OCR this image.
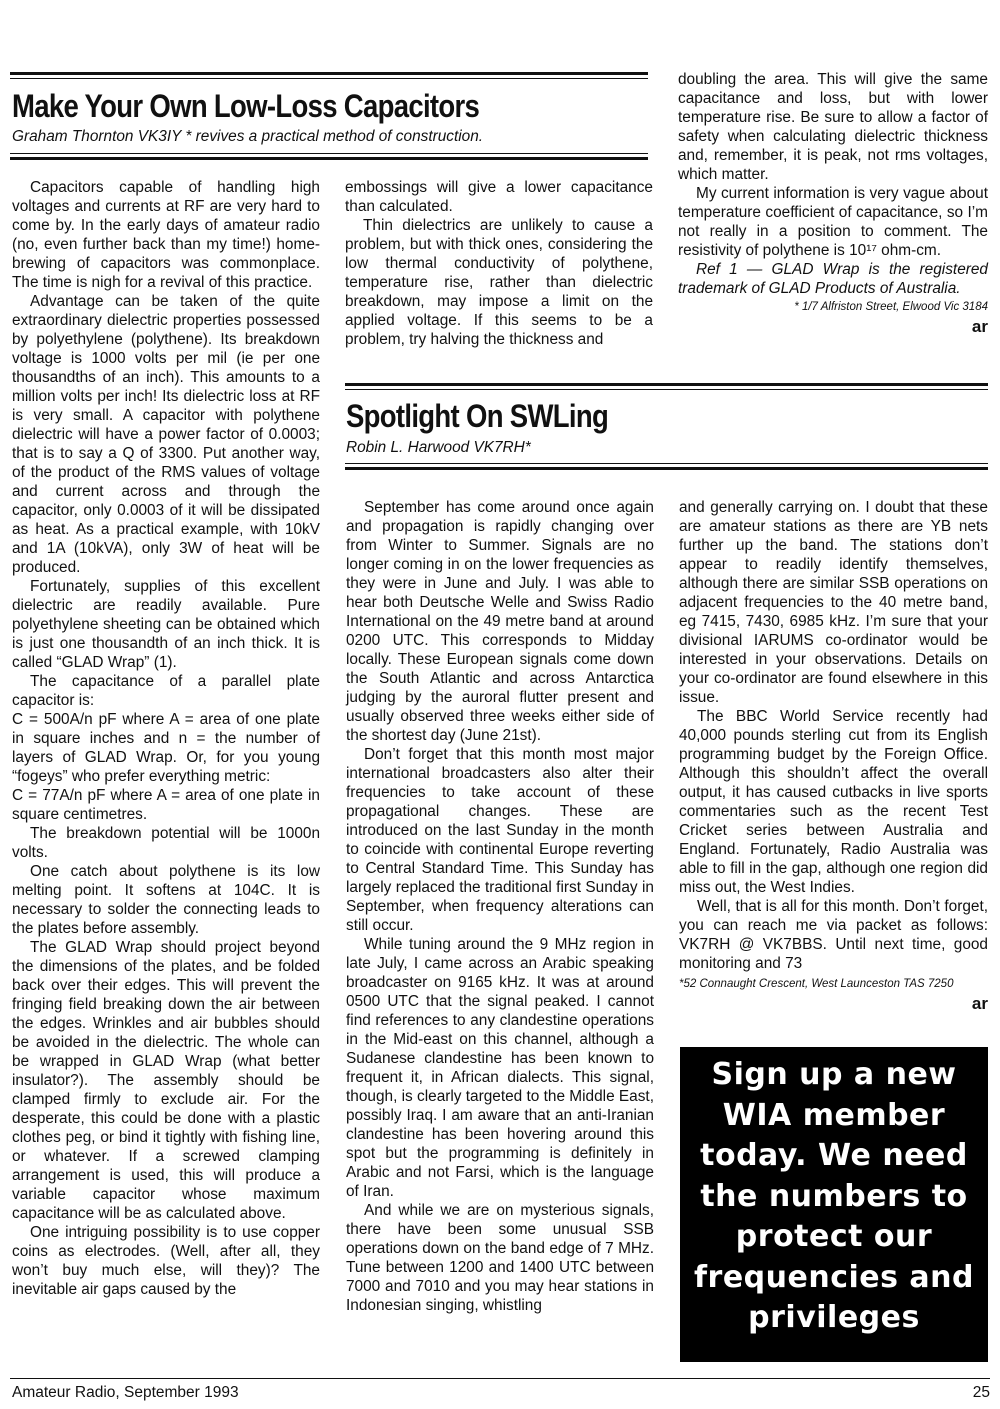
Make Your Own Low-Loss Capacitors
Graham Thornton VK3IY * revives a practical method of construction.

Capacitors capable of handling high voltages and currents at RF are very hard to come by. In the early days of amateur radio (no, even further back than my time!) home-brewing of capacitors was commonplace. The time is nigh for a revival of this practice.

Advantage can be taken of the quite extraordinary dielectric properties possessed by polyethylene (polythene). Its breakdown voltage is 1000 volts per mil (ie per one thousandths of an inch). This amounts to a million volts per inch! Its dielectric loss at RF is very small. A capacitor with polythene dielectric will have a power factor of 0.0003; that is to say a Q of 3300. Put another way, of the product of the RMS values of voltage and current across and through the capacitor, only 0.0003 of it will be dissipated as heat. As a practical example, with 10kV and 1A (10kVA), only 3W of heat will be produced.

Fortunately, supplies of this excellent dielectric are readily available. Pure polyethylene sheeting can be obtained which is just one thousandth of an inch thick. It is called “GLAD Wrap” (1).

The capacitance of a parallel plate capacitor is:

C = 500A/n pF where A = area of one plate in square inches and n = the number of layers of GLAD Wrap. Or, for you young “fogeys” who prefer everything metric:

C = 77A/n pF where A = area of one plate in square centimetres.

The breakdown potential will be 1000n volts.

One catch about polythene is its low melting point. It softens at 104C. It is necessary to solder the connecting leads to the plates before assembly.

The GLAD Wrap should project beyond the dimensions of the plates, and be folded back over their edges. This will prevent the fringing field breaking down the air between the edges. Wrinkles and air bubbles should be avoided in the dielectric. The whole can be wrapped in GLAD Wrap (what better insulator?). The assembly should be clamped firmly to exclude air. For the desperate, this could be done with a plastic clothes peg, or bind it tightly with fishing line, or whatever. If a screwed clamping arrangement is used, this will produce a variable capacitor whose maximum capacitance will be as calculated above.

One intriguing possibility is to use copper coins as electrodes. (Well, after all, they won’t buy much else, will they)? The inevitable air gaps caused by the

embossings will give a lower capacitance than calculated.

Thin dielectrics are unlikely to cause a problem, but with thick ones, considering the low thermal conductivity of polythene, temperature rise, rather than dielectric breakdown, may impose a limit on the applied voltage. If this seems to be a problem, try halving the thickness and

doubling the area. This will give the same capacitance and loss, but with lower temperature rise. Be sure to allow a factor of safety when calculating dielectric thickness and, remember, it is peak, not rms voltages, which matter.

My current information is very vague about temperature coefficient of capacitance, so I’m not really in a position to comment. The resistivity of polythene is 10¹⁷ ohm-cm.

Ref 1 — GLAD Wrap is the registered trademark of GLAD Products of Australia.

* 1/7 Alfriston Street, Elwood Vic 3184
ar
Spotlight On SWLing
Robin L. Harwood VK7RH*

September has come around once again and propagation is rapidly changing over from Winter to Summer. Signals are no longer coming in on the lower frequencies as they were in June and July. I was able to hear both Deutsche Welle and Swiss Radio International on the 49 metre band at around 0200 UTC. This corresponds to Midday locally. These European signals come down the South Atlantic and across Antarctica judging by the auroral flutter present and usually observed three weeks either side of the shortest day (June 21st).

Don’t forget that this month most major international broadcasters also alter their frequencies to take account of these propagational changes. These are introduced on the last Sunday in the month to coincide with continental Europe reverting to Central Standard Time. This Sunday has largely replaced the traditional first Sunday in September, when frequency alterations can still occur.

While tuning around the 9 MHz region in late July, I came across an Arabic speaking broadcaster on 9165 kHz. It was at around 0500 UTC that the signal peaked. I cannot find references to any clandestine operations in the Mid-east on this channel, although a Sudanese clandestine has been known to frequent it, in African dialects. This signal, though, is clearly targeted to the Middle East, possibly Iraq. I am aware that an anti-Iranian clandestine has been hovering around this spot but the programming is definitely in Arabic and not Farsi, which is the language of Iran.

And while we are on mysterious signals, there have been some unusual SSB operations down on the band edge of 7 MHz. Tune between 1200 and 1400 UTC between 7000 and 7010 and you may hear stations in Indonesian singing, whistling

and generally carrying on. I doubt that these are amateur stations as there are YB nets further up the band. The stations don’t appear to readily identify themselves, although there are similar SSB operations on adjacent frequencies to the 40 metre band, eg 7415, 7430, 6985 kHz. I’m sure that your divisional IARUMS co-ordinator would be interested in your observations. Details on your co-ordinator are found elsewhere in this issue.

The BBC World Service recently had 40,000 pounds sterling cut from its English programming budget by the Foreign Office. Although this shouldn’t affect the overall output, it has caused cutbacks in live sports commentaries such as the recent Test Cricket series between Australia and England. Fortunately, Radio Australia was able to fill in the gap, although one region did miss out, the West Indies.

Well, that is all for this month. Don’t forget, you can reach me via packet as follows: VK7RH @ VK7BBS. Until next time, good monitoring and 73

*52 Connaught Crescent, West Launceston TAS 7250
ar
Sign up a new
WIA member
today. We need
the numbers to
protect our
frequencies and
privileges
Amateur Radio, September 1993	25
